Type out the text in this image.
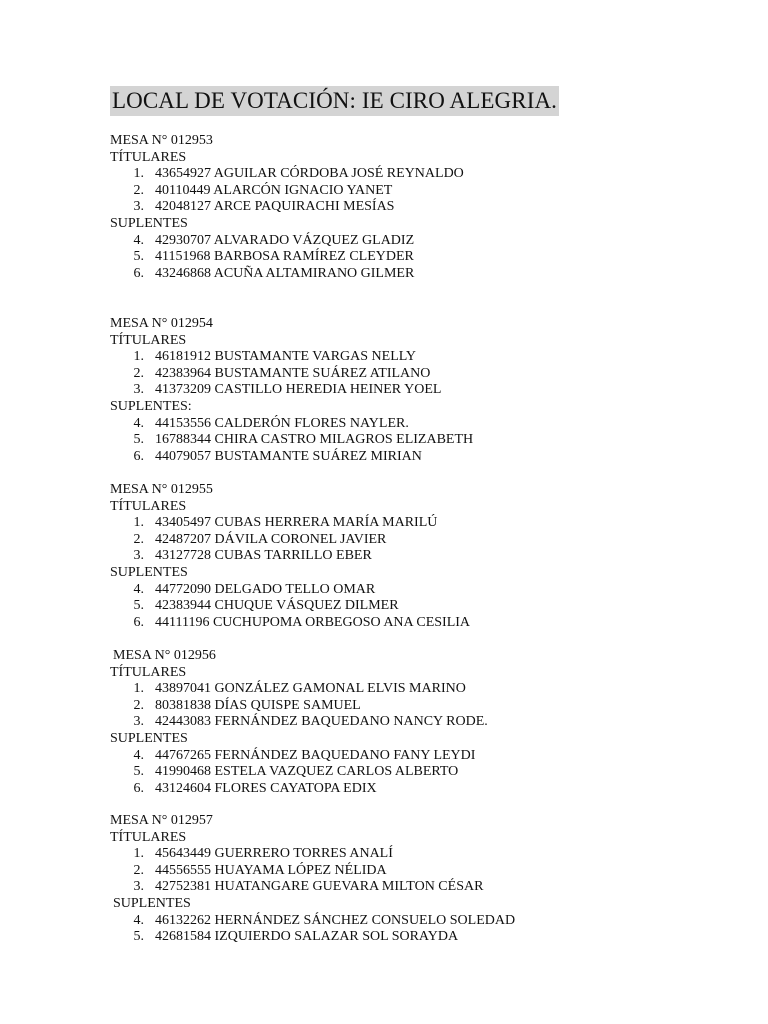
LOCAL DE VOTACIÓN: IE CIRO ALEGRIA.
MESA N° 012953
TÍTULARES
1. 43654927 AGUILAR CÓRDOBA JOSÉ REYNALDO
2. 40110449 ALARCÓN IGNACIO YANET
3. 42048127 ARCE PAQUIRACHI MESÍAS
SUPLENTES
4. 42930707 ALVARADO VÁZQUEZ GLADIZ
5. 41151968 BARBOSA RAMÍREZ CLEYDER
6. 43246868 ACUÑA ALTAMIRANO GILMER
MESA N° 012954
TÍTULARES
1. 46181912 BUSTAMANTE VARGAS NELLY
2. 42383964 BUSTAMANTE SUÁREZ ATILANO
3. 41373209 CASTILLO HEREDIA HEINER YOEL
SUPLENTES:
4. 44153556 CALDERÓN FLORES NAYLER.
5. 16788344 CHIRA CASTRO MILAGROS ELIZABETH
6. 44079057 BUSTAMANTE SUÁREZ MIRIAN
MESA N° 012955
TÍTULARES
1. 43405497 CUBAS HERRERA MARÍA MARILÚ
2. 42487207 DÁVILA CORONEL JAVIER
3. 43127728 CUBAS TARRILLO EBER
SUPLENTES
4. 44772090 DELGADO TELLO OMAR
5. 42383944 CHUQUE VÁSQUEZ DILMER
6. 44111196 CUCHUPOMA ORBEGOSO ANA CESILIA
MESA N° 012956
TÍTULARES
1. 43897041 GONZÁLEZ GAMONAL ELVIS MARINO
2. 80381838 DÍAS QUISPE SAMUEL
3. 42443083 FERNÁNDEZ BAQUEDANO NANCY RODE.
SUPLENTES
4. 44767265 FERNÁNDEZ BAQUEDANO FANY LEYDI
5. 41990468 ESTELA VAZQUEZ CARLOS ALBERTO
6. 43124604 FLORES CAYATOPA EDIX
MESA N° 012957
TÍTULARES
1. 45643449 GUERRERO TORRES ANALÍ
2. 44556555 HUAYAMA LÓPEZ NÉLIDA
3. 42752381 HUATANGARE GUEVARA MILTON CÉSAR
SUPLENTES
4. 46132262 HERNÁNDEZ SÁNCHEZ CONSUELO SOLEDAD
5. 42681584 IZQUIERDO SALAZAR SOL SORAYDA
